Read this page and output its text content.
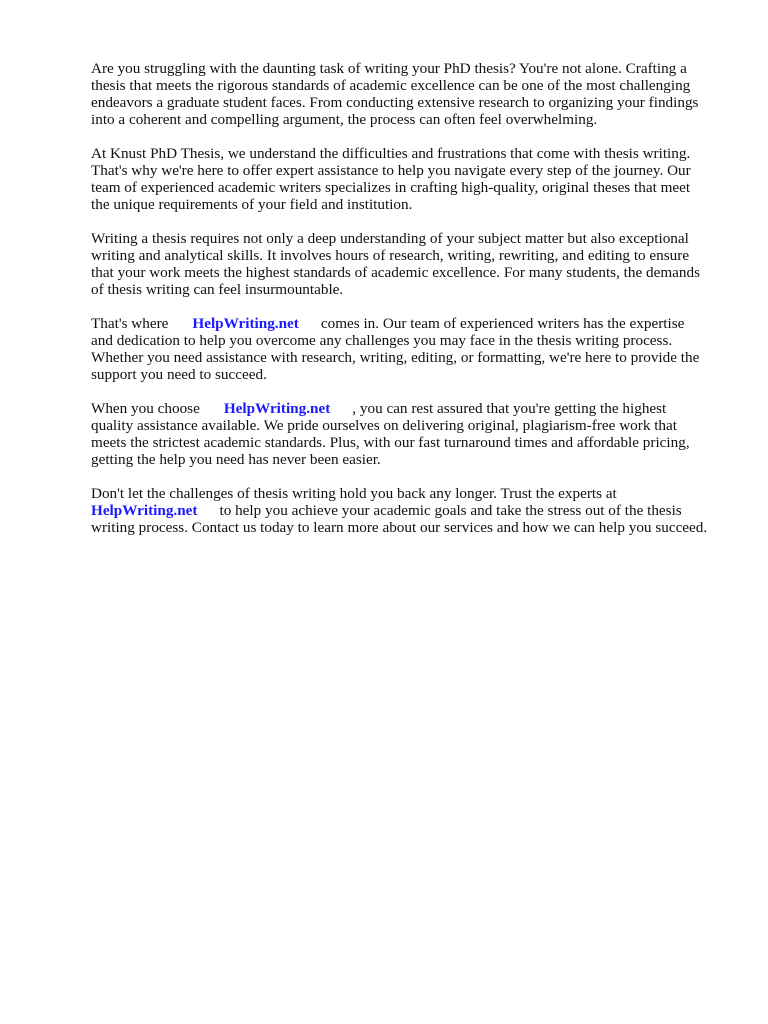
Are you struggling with the daunting task of writing your PhD thesis? You're not alone. Crafting a
thesis that meets the rigorous standards of academic excellence can be one of the most challenging
endeavors a graduate student faces. From conducting extensive research to organizing your findings
into a coherent and compelling argument, the process can often feel overwhelming.

At Knust PhD Thesis, we understand the difficulties and frustrations that come with thesis writing.
That's why we're here to offer expert assistance to help you navigate every step of the journey. Our
team of experienced academic writers specializes in crafting high-quality, original theses that meet
the unique requirements of your field and institution.

Writing a thesis requires not only a deep understanding of your subject matter but also exceptional
writing and analytical skills. It involves hours of research, writing, rewriting, and editing to ensure
that your work meets the highest standards of academic excellence. For many students, the demands
of thesis writing can feel insurmountable.

That's where HelpWriting.net comes in. Our team of experienced writers has the expertise
and dedication to help you overcome any challenges you may face in the thesis writing process.
Whether you need assistance with research, writing, editing, or formatting, we're here to provide the
support you need to succeed.

When you choose HelpWriting.net , you can rest assured that you're getting the highest
quality assistance available. We pride ourselves on delivering original, plagiarism-free work that
meets the strictest academic standards. Plus, with our fast turnaround times and affordable pricing,
getting the help you need has never been easier.

Don't let the challenges of thesis writing hold you back any longer. Trust the experts at
HelpWriting.net to help you achieve your academic goals and take the stress out of the thesis
writing process. Contact us today to learn more about our services and how we can help you succeed.
